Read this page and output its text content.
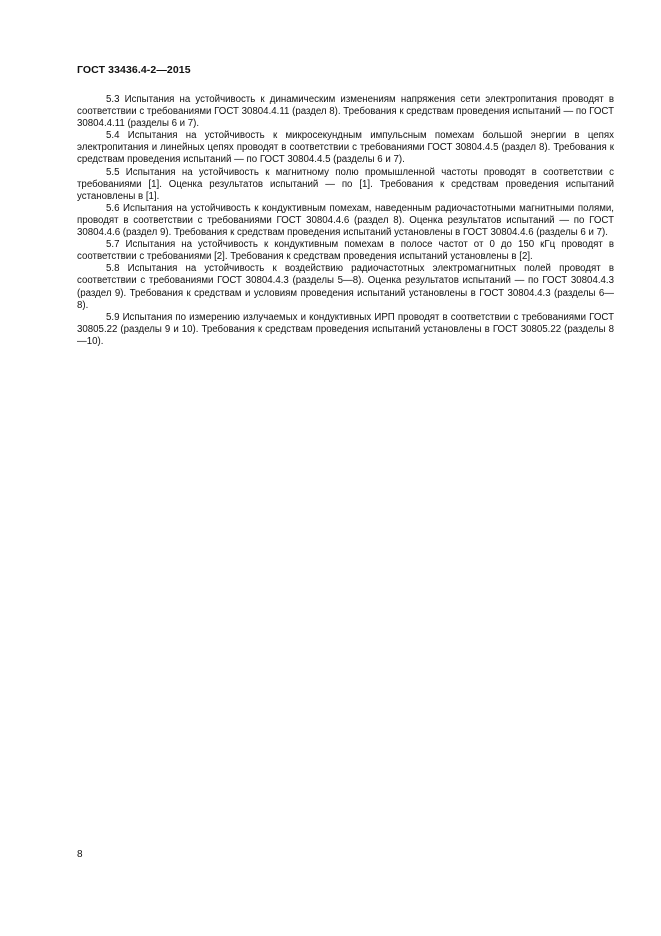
ГОСТ 33436.4-2—2015

5.3 Испытания на устойчивость к динамическим изменениям напряжения сети электропитания проводят в соответствии с требованиями ГОСТ 30804.4.11 (раздел 8). Требования к средствам проведения испытаний — по ГОСТ 30804.4.11 (разделы 6 и 7).

5.4 Испытания на устойчивость к микросекундным импульсным помехам большой энергии в цепях электропитания и линейных цепях проводят в соответствии с требованиями ГОСТ 30804.4.5 (раздел 8). Требования к средствам проведения испытаний — по ГОСТ 30804.4.5 (разделы 6 и 7).

5.5 Испытания на устойчивость к магнитному полю промышленной частоты проводят в соответствии с требованиями [1]. Оценка результатов испытаний — по [1]. Требования к средствам проведения испытаний установлены в [1].

5.6 Испытания на устойчивость к кондуктивным помехам, наведенным радиочастотными магнитными полями, проводят в соответствии с требованиями ГОСТ 30804.4.6 (раздел 8). Оценка результатов испытаний — по ГОСТ 30804.4.6 (раздел 9). Требования к средствам проведения испытаний установлены в ГОСТ 30804.4.6 (разделы 6 и 7).

5.7 Испытания на устойчивость к кондуктивным помехам в полосе частот от 0 до 150 кГц проводят в соответствии с требованиями [2]. Требования к средствам проведения испытаний установлены в [2].

5.8 Испытания на устойчивость к воздействию радиочастотных электромагнитных полей проводят в соответствии с требованиями ГОСТ 30804.4.3 (разделы 5—8). Оценка результатов испытаний — по ГОСТ 30804.4.3 (раздел 9). Требования к средствам и условиям проведения испытаний установлены в ГОСТ 30804.4.3 (разделы 6—8).

5.9 Испытания по измерению излучаемых и кондуктивных ИРП проводят в соответствии с требованиями ГОСТ 30805.22 (разделы 9 и 10). Требования к средствам проведения испытаний установлены в ГОСТ 30805.22 (разделы 8—10).

8
